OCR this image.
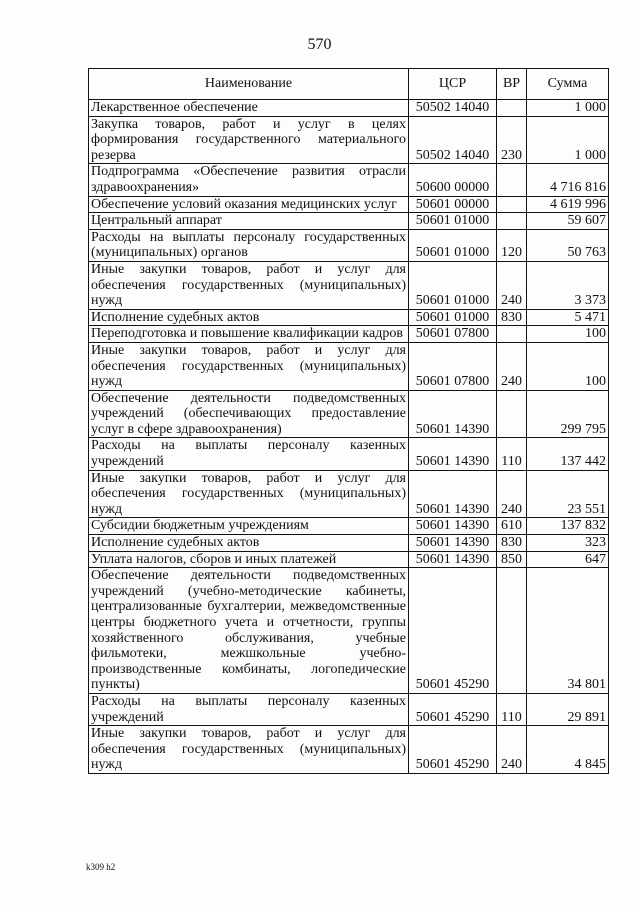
570
Наименование	ЦСР	ВР	Сумма
Лекарственное обеспечение	50502 14040		1 000
Закупка товаров, работ и услуг в целях формирования государственного материального резерва	50502 14040	230	1 000
Подпрограмма «Обеспечение развития отрасли здравоохранения»	50600 00000		4 716 816
Обеспечение условий оказания медицинских услуг	50601 00000		4 619 996
Центральный аппарат	50601 01000		59 607
Расходы на выплаты персоналу государственных (муниципальных) органов	50601 01000	120	50 763
Иные закупки товаров, работ и услуг для обеспечения государственных (муниципальных) нужд	50601 01000	240	3 373
Исполнение судебных актов	50601 01000	830	5 471
Переподготовка и повышение квалификации кадров	50601 07800		100
Иные закупки товаров, работ и услуг для обеспечения государственных (муниципальных) нужд	50601 07800	240	100
Обеспечение деятельности подведомственных учреждений (обеспечивающих предоставление услуг в сфере здравоохранения)	50601 14390		299 795
Расходы на выплаты персоналу казенных учреждений	50601 14390	110	137 442
Иные закупки товаров, работ и услуг для обеспечения государственных (муниципальных) нужд	50601 14390	240	23 551
Субсидии бюджетным учреждениям	50601 14390	610	137 832
Исполнение судебных актов	50601 14390	830	323
Уплата налогов, сборов и иных платежей	50601 14390	850	647
Обеспечение деятельности подведомственных учреждений (учебно-методические кабинеты, централизованные бухгалтерии, межведомственные центры бюджетного учета и отчетности, группы хозяйственного обслуживания, учебные фильмотеки, межшкольные учебно-производственные комбинаты, логопедические пункты)	50601 45290		34 801
Расходы на выплаты персоналу казенных учреждений	50601 45290	110	29 891
Иные закупки товаров, работ и услуг для обеспечения государственных (муниципальных) нужд	50601 45290	240	4 845
k309 h2
